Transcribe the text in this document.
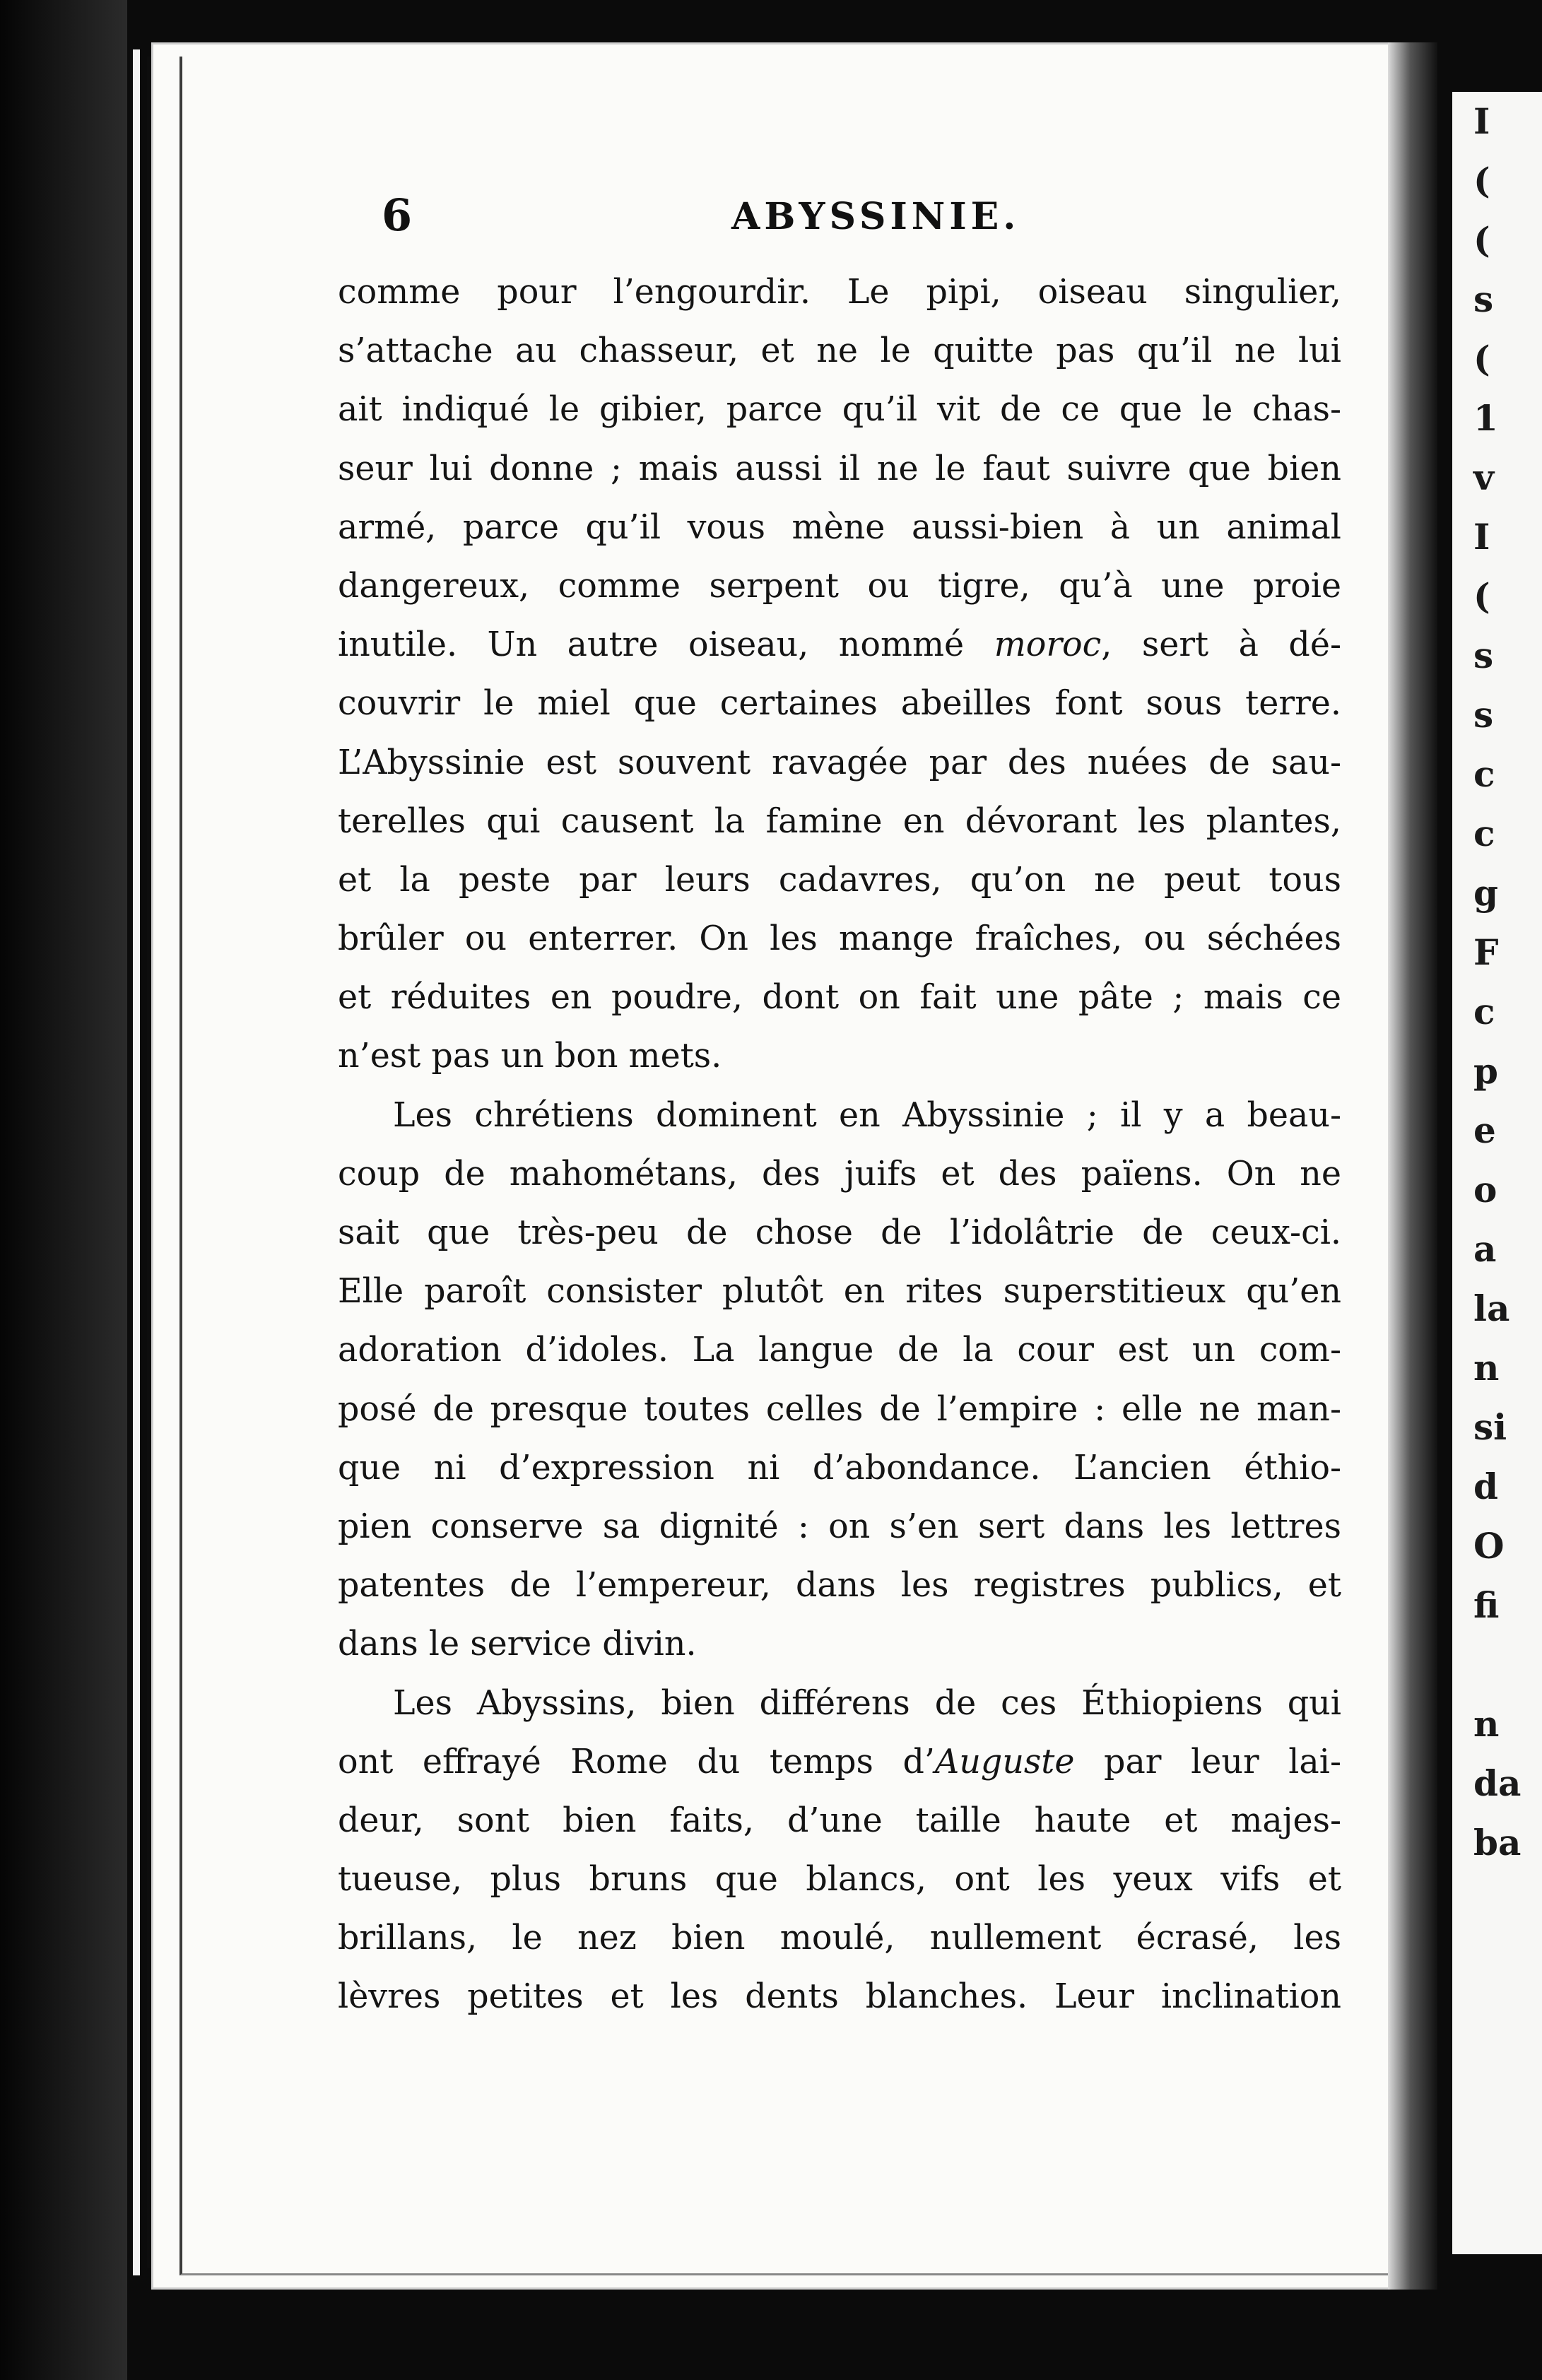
I
(
(
s
(
1
v
I
(
s
s
c
c
g
F
c
p
e
o
a
la
n
si
d
O
fi

n
da
ba
6	ABYSSINIE.
comme pour l’engourdir. Le pipi, oiseau singulier,
s’attache au chasseur, et ne le quitte pas qu’il ne lui
ait indiqué le gibier, parce qu’il vit de ce que le chas-
seur lui donne ; mais aussi il ne le faut suivre que bien
armé, parce qu’il vous mène aussi-bien à un animal
dangereux, comme serpent ou tigre, qu’à une proie
inutile. Un autre oiseau, nommé moroc, sert à dé-
couvrir le miel que certaines abeilles font sous terre.
L’Abyssinie est souvent ravagée par des nuées de sau-
terelles qui causent la famine en dévorant les plantes,
et la peste par leurs cadavres, qu’on ne peut tous
brûler ou enterrer. On les mange fraîches, ou séchées
et réduites en poudre, dont on fait une pâte ; mais ce
n’est pas un bon mets.
Les chrétiens dominent en Abyssinie ; il y a beau-
coup de mahométans, des juifs et des païens. On ne
sait que très-peu de chose de l’idolâtrie de ceux-ci.
Elle paroît consister plutôt en rites superstitieux qu’en
adoration d’idoles. La langue de la cour est un com-
posé de presque toutes celles de l’empire : elle ne man-
que ni d’expression ni d’abondance. L’ancien éthio-
pien conserve sa dignité : on s’en sert dans les lettres
patentes de l’empereur, dans les registres publics, et
dans le service divin.
Les Abyssins, bien différens de ces Éthiopiens qui
ont effrayé Rome du temps d’Auguste par leur lai-
deur, sont bien faits, d’une taille haute et majes-
tueuse, plus bruns que blancs, ont les yeux vifs et
brillans, le nez bien moulé, nullement écrasé, les
lèvres petites et les dents blanches. Leur inclination
